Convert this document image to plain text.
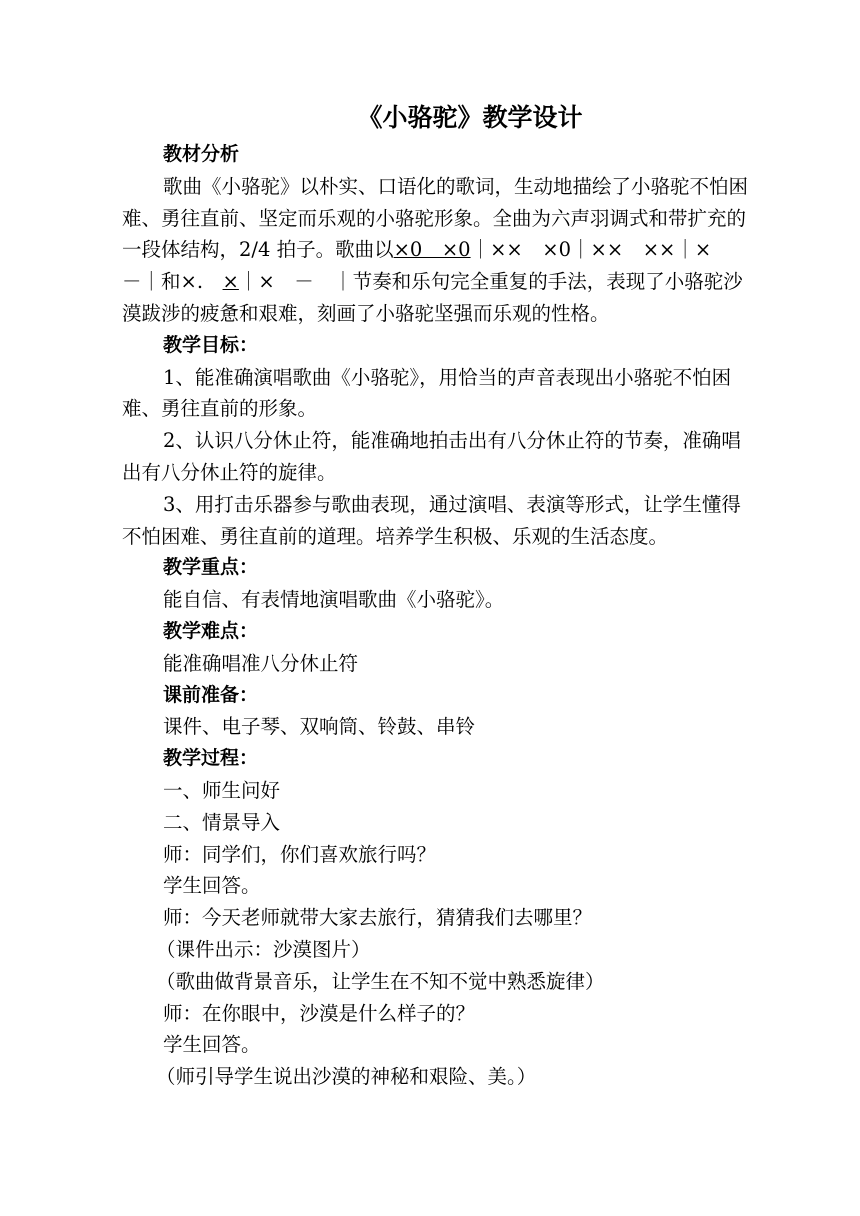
《小骆驼》教学设计

教材分析

歌曲《小骆驼》以朴实、口语化的歌词，生动地描绘了小骆驼不怕困难、勇往直前、坚定而乐观的小骆驼形象。全曲为六声羽调式和带扩充的一段体结构，2/4 拍子。歌曲以×0　×0｜××　×0｜××　××｜×　－｜和×.　×｜×　－　｜节奏和乐句完全重复的手法，表现了小骆驼沙漠跋涉的疲惫和艰难，刻画了小骆驼坚强而乐观的性格。

教学目标：

1、能准确演唱歌曲《小骆驼》，用恰当的声音表现出小骆驼不怕困难、勇往直前的形象。

2、认识八分休止符，能准确地拍击出有八分休止符的节奏，准确唱出有八分休止符的旋律。

3、用打击乐器参与歌曲表现，通过演唱、表演等形式，让学生懂得不怕困难、勇往直前的道理。培养学生积极、乐观的生活态度。

教学重点：

能自信、有表情地演唱歌曲《小骆驼》。

教学难点：

能准确唱准八分休止符

课前准备：

课件、电子琴、双响筒、铃鼓、串铃

教学过程：

一、师生问好

二、情景导入

师：同学们，你们喜欢旅行吗？

学生回答。

师：今天老师就带大家去旅行，猜猜我们去哪里？

（课件出示：沙漠图片）

（歌曲做背景音乐，让学生在不知不觉中熟悉旋律）

师：在你眼中，沙漠是什么样子的？

学生回答。

（师引导学生说出沙漠的神秘和艰险、美。）
